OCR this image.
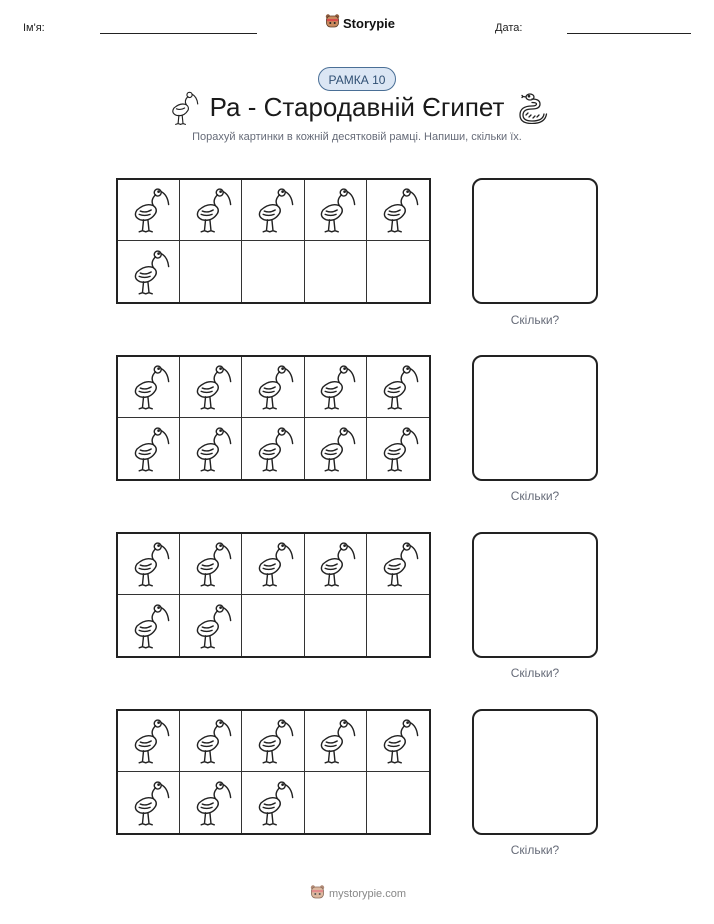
Ім'я:	Storypie	Дата:
РАМКА 10
Ра - Стародавній Єгипет
Порахуй картинки в кожній десятковій рамці. Напиши, скільки їх.
Скільки?
Скільки?
Скільки?
Скільки?
mystorypie.com
